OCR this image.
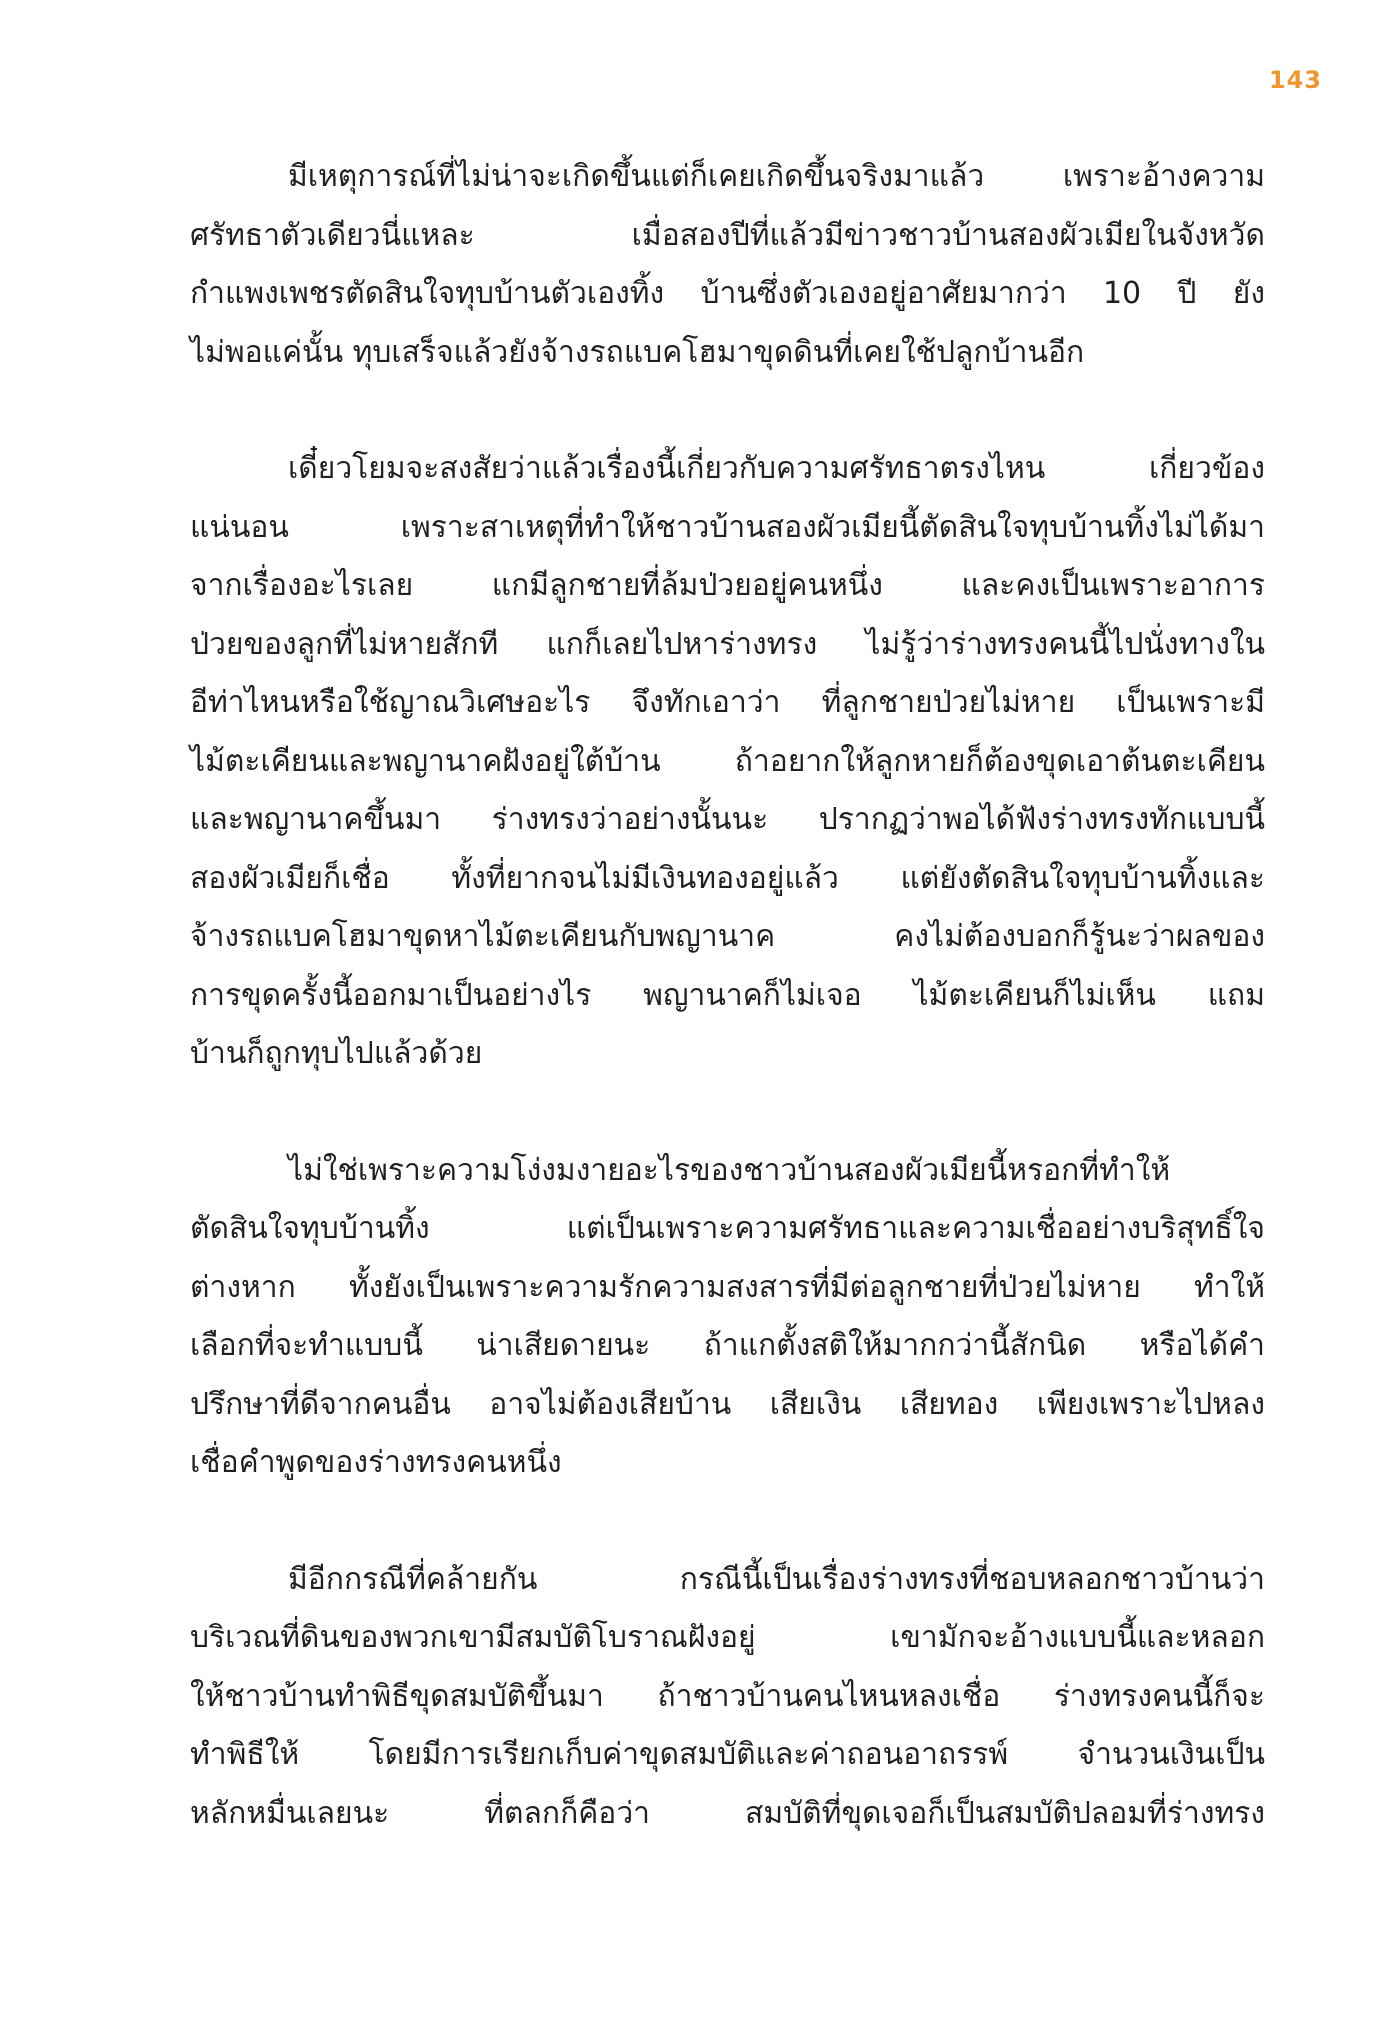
143
มีเหตุการณ์ที่ไม่น่าจะเกิดขึ้นแต่ก็เคยเกิดขึ้นจริงมาแล้ว เพราะอ้างความ
ศรัทธาตัวเดียวนี่แหละ เมื่อสองปีที่แล้วมีข่าวชาวบ้านสองผัวเมียในจังหวัด
กำแพงเพชรตัดสินใจทุบบ้านตัวเองทิ้ง บ้านซึ่งตัวเองอยู่อาศัยมากว่า 10 ปี ยัง
ไม่พอแค่นั้น ทุบเสร็จแล้วยังจ้างรถแบคโฮมาขุดดินที่เคยใช้ปลูกบ้านอีก
เดี๋ยวโยมจะสงสัยว่าแล้วเรื่องนี้เกี่ยวกับความศรัทธาตรงไหน เกี่ยวข้อง
แน่นอน เพราะสาเหตุที่ทำให้ชาวบ้านสองผัวเมียนี้ตัดสินใจทุบบ้านทิ้งไม่ได้มา
จากเรื่องอะไรเลย แกมีลูกชายที่ล้มป่วยอยู่คนหนึ่ง และคงเป็นเพราะอาการ
ป่วยของลูกที่ไม่หายสักที แกก็เลยไปหาร่างทรง ไม่รู้ว่าร่างทรงคนนี้ไปนั่งทางใน
อีท่าไหนหรือใช้ญาณวิเศษอะไร จึงทักเอาว่า ที่ลูกชายป่วยไม่หาย เป็นเพราะมี
ไม้ตะเคียนและพญานาคฝังอยู่ใต้บ้าน ถ้าอยากให้ลูกหายก็ต้องขุดเอาต้นตะเคียน
และพญานาคขึ้นมา ร่างทรงว่าอย่างนั้นนะ ปรากฏว่าพอได้ฟังร่างทรงทักแบบนี้
สองผัวเมียก็เชื่อ ทั้งที่ยากจนไม่มีเงินทองอยู่แล้ว แต่ยังตัดสินใจทุบบ้านทิ้งและ
จ้างรถแบคโฮมาขุดหาไม้ตะเคียนกับพญานาค คงไม่ต้องบอกก็รู้นะว่าผลของ
การขุดครั้งนี้ออกมาเป็นอย่างไร พญานาคก็ไม่เจอ ไม้ตะเคียนก็ไม่เห็น แถม
บ้านก็ถูกทุบไปแล้วด้วย
ไม่ใช่เพราะความโง่งมงายอะไรของชาวบ้านสองผัวเมียนี้หรอกที่ทำให้
ตัดสินใจทุบบ้านทิ้ง แต่เป็นเพราะความศรัทธาและความเชื่ออย่างบริสุทธิ์ใจ
ต่างหาก ทั้งยังเป็นเพราะความรักความสงสารที่มีต่อลูกชายที่ป่วยไม่หาย ทำให้
เลือกที่จะทำแบบนี้ น่าเสียดายนะ ถ้าแกตั้งสติให้มากกว่านี้สักนิด หรือได้คำ
ปรึกษาที่ดีจากคนอื่น อาจไม่ต้องเสียบ้าน เสียเงิน เสียทอง เพียงเพราะไปหลง
เชื่อคำพูดของร่างทรงคนหนึ่ง
มีอีกกรณีที่คล้ายกัน กรณีนี้เป็นเรื่องร่างทรงที่ชอบหลอกชาวบ้านว่า
บริเวณที่ดินของพวกเขามีสมบัติโบราณฝังอยู่ เขามักจะอ้างแบบนี้และหลอก
ให้ชาวบ้านทำพิธีขุดสมบัติขึ้นมา ถ้าชาวบ้านคนไหนหลงเชื่อ ร่างทรงคนนี้ก็จะ
ทำพิธีให้ โดยมีการเรียกเก็บค่าขุดสมบัติและค่าถอนอาถรรพ์ จำนวนเงินเป็น
หลักหมื่นเลยนะ ที่ตลกก็คือว่า สมบัติที่ขุดเจอก็เป็นสมบัติปลอมที่ร่างทรง
